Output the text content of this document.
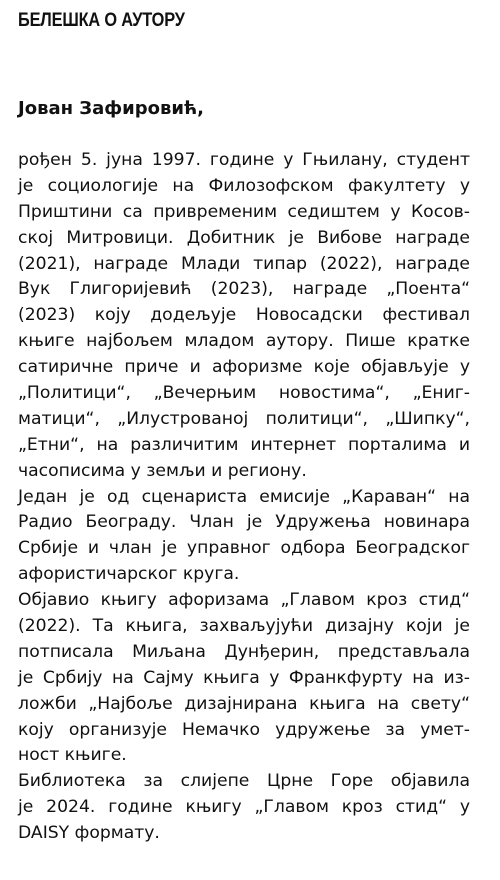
БЕЛЕШКА О АУТОРУ

Јован Зафировић,

рођен 5. јуна 1997. године у Гњилану, студент
је социологије на Филозофском факултету у
Приштини са привременим седиштем у Косов-
ској Митровици. Добитник је Вибове награде
(2021), награде Млади типар (2022), награде
Вук Глигоријевић (2023), награде „Поента“
(2023) коју додељује Новосадски фестивал
књиге најбољем младом аутору. Пише кратке
сатиричне приче и афоризме које објављује у
„Политици“, „Вечерњим новостима“, „Ениг-
матици“, „Илустрованој политици“, „Шипку“,
„Етни“, на различитим интернет порталима и
часописима у земљи и региону.
Један је од сценариста емисије „Караван“ на
Радио Београду. Члан је Удружења новинара
Србије и члан је управног одбора Београдског
афористичарског круга.
Објавио књигу афоризама „Главом кроз стид“
(2022). Та књига, захваљујући дизајну који је
потписала Миљана Дунђерин, представљала
је Србију на Сајму књига у Франкфурту на из-
ложби „Најбоље дизајнирана књига на свету“
коју организује Немачко удружење за умет-
ност књиге.
Библиотека за слијепе Црне Горе објавила
је 2024. године књигу „Главом кроз стид“ у
DAISY формату.
